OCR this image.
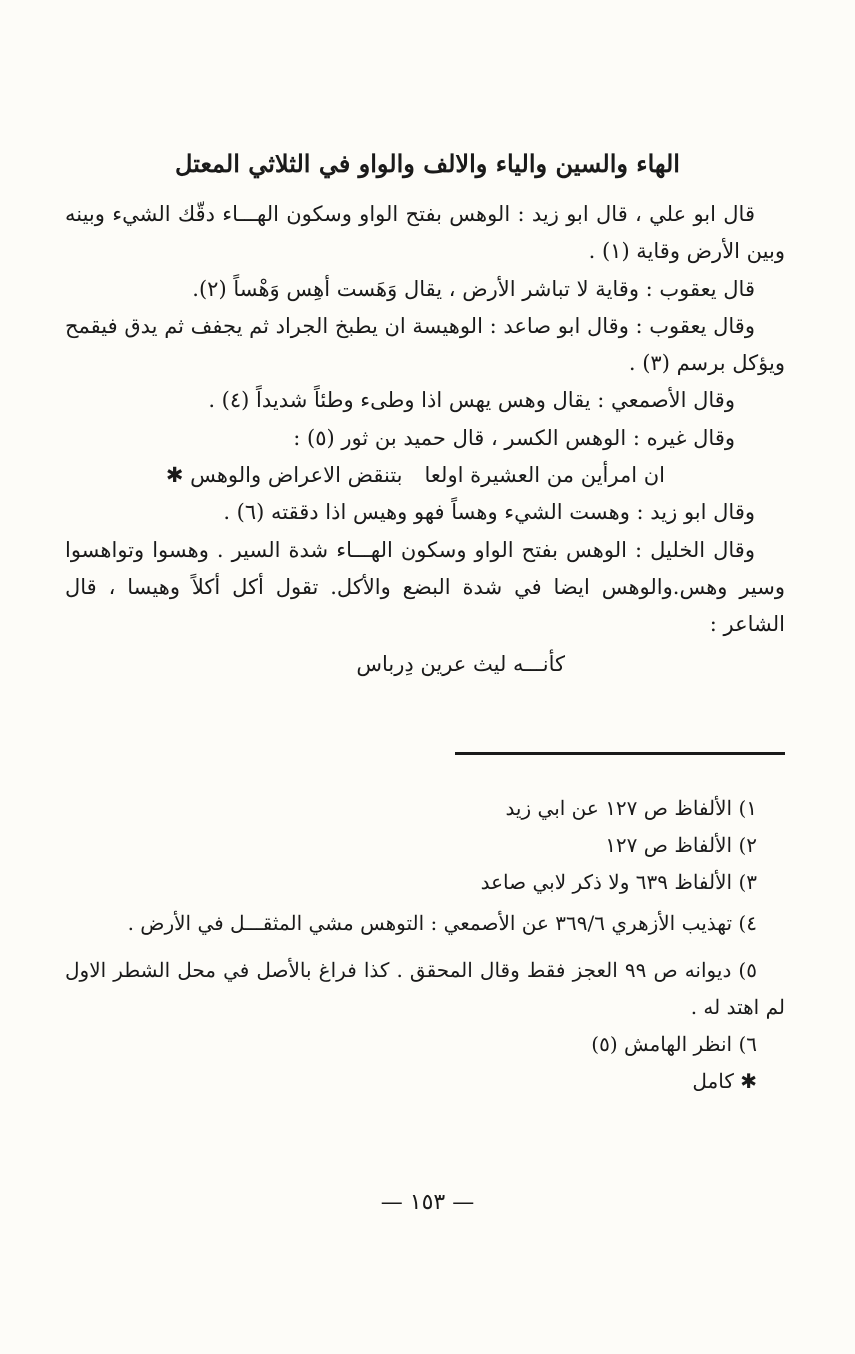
الهاء والسين والياء والالف والواو في الثلاثي المعتل

قال ابو علي ، قال ابو زيد : الوهس بفتح الواو وسكون الهـــاء دقّك الشيء وبينه وبين الأرض وقاية (١) .

قال يعقوب : وقاية لا تباشر الأرض ، يقال وَهَست أهِس وَهْساً (٢).

وقال يعقوب : وقال ابو صاعد : الوهيسة ان يطبخ الجراد ثم يجفف ثم يدق فيقمح ويؤكل برسم (٣) .

وقال الأصمعي : يقال وهس يهس اذا وطىء وطئاً شديداً (٤) .

وقال غيره : الوهس الكسر ، قال حميد بن ثور (٥) :

ان امرأين من العشيرة اولعابتنقض الاعراض والوهس ✱

وقال ابو زيد : وهست الشيء وهساً فهو وهيس اذا دققته (٦) .

وقال الخليل : الوهس بفتح الواو وسكون الهـــاء شدة السير . وهسوا وتواهسوا وسير وهس.والوهس ايضا في شدة البضع والأكل. تقول أكل أكلاً وهيسا ، قال الشاعر :

كأنـــه ليث عرين دِرباس

١) الألفاظ ص ١٢٧ عن ابي زيد

٢) الألفاظ ص ١٢٧

٣) الألفاظ ٦٣٩ ولا ذكر لابي صاعد

٤) تهذيب الأزهري ٣٦٩/٦ عن الأصمعي : التوهس مشي المثقـــل في الأرض .

٥) ديوانه ص ٩٩ العجز فقط وقال المحقق . كذا فراغ بالأصل في محل الشطر الاول لم اهتد له .

٦) انظر الهامش (٥)

✱ كامل

— ١٥٣ —
